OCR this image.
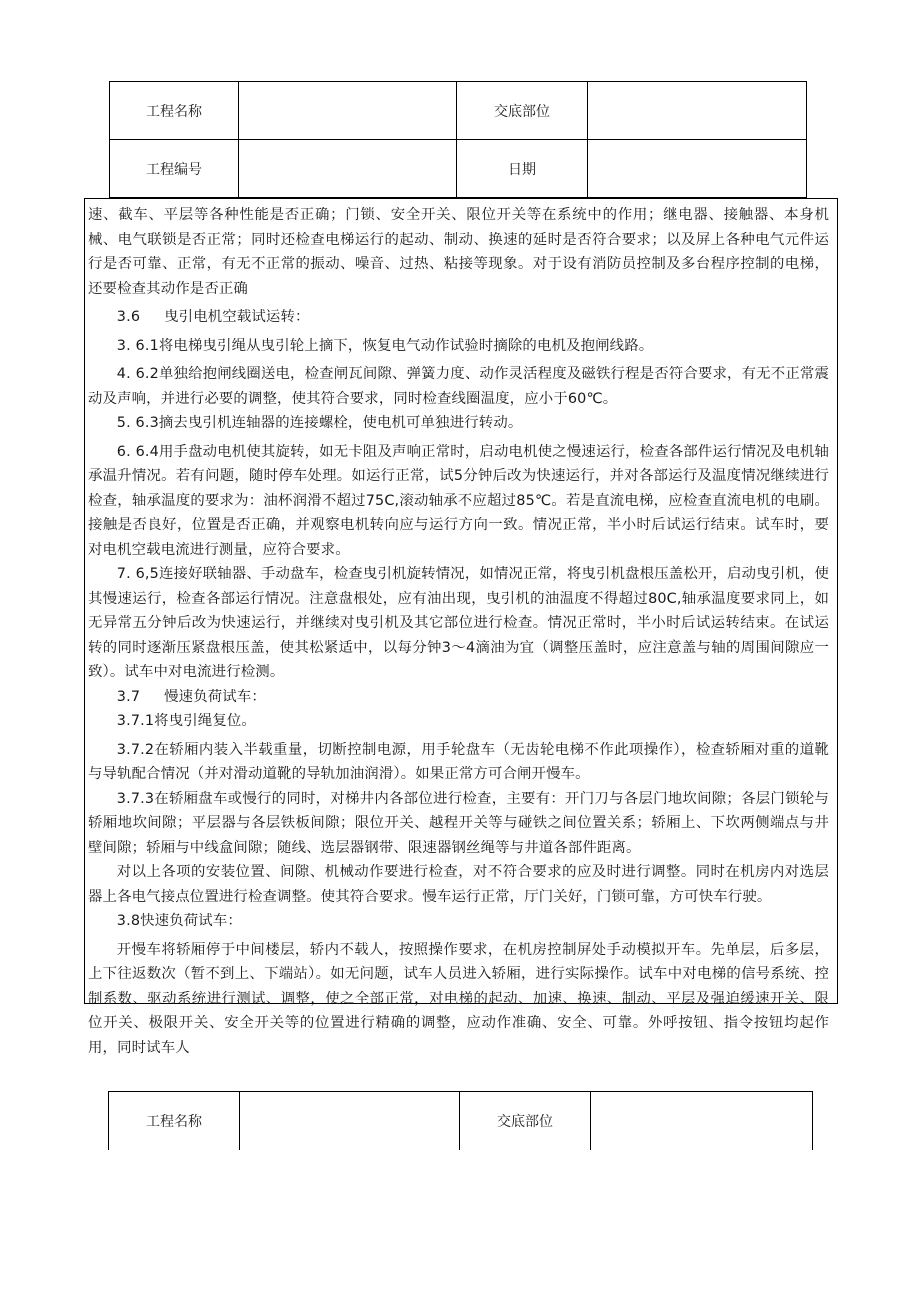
工程名称		交底部位	
工程编号		日期	

速、截车、平层等各种性能是否正确；门锁、安全开关、限位开关等在系统中的作用；继电器、接触器、本身机械、电气联锁是否正常；同时还检查电梯运行的起动、制动、换速的延时是否符合要求；以及屏上各种电气元件运行是否可靠、正常，有无不正常的振动、噪音、过热、粘接等现象。对于设有消防员控制及多台程序控制的电梯，还要检查其动作是否正确

3.6 曳引电机空载试运转：

3. 6.1将电梯曳引绳从曳引轮上摘下，恢复电气动作试验时摘除的电机及抱闸线路。

4. 6.2单独给抱闸线圈送电，检查闸瓦间隙、弹簧力度、动作灵活程度及磁铁行程是否符合要求，有无不正常震动及声响，并进行必要的调整，使其符合要求，同时检查线圈温度，应小于60℃。

5. 6.3摘去曳引机连轴器的连接螺栓，使电机可单独进行转动。

6. 6.4用手盘动电机使其旋转，如无卡阻及声响正常时，启动电机使之慢速运行，检查各部件运行情况及电机轴承温升情况。若有问题，随时停车处理。如运行正常，试5分钟后改为快速运行，并对各部运行及温度情况继续进行检查，轴承温度的要求为：油杯润滑不超过75C,滚动轴承不应超过85℃。若是直流电梯，应检查直流电机的电刷。接触是否良好，位置是否正确，并观察电机转向应与运行方向一致。情况正常，半小时后试运行结束。试车时，要对电机空载电流进行测量，应符合要求。

7. 6,5连接好联轴器、手动盘车，检查曳引机旋转情况，如情况正常，将曳引机盘根压盖松开，启动曳引机，使其慢速运行，检查各部运行情况。注意盘根处，应有油出现，曳引机的油温度不得超过80C,轴承温度要求同上，如无异常五分钟后改为快速运行，并继续对曳引机及其它部位进行检查。情况正常时，半小时后试运转结束。在试运转的同时逐渐压紧盘根压盖，使其松紧适中，以每分钟3～4滴油为宜（调整压盖时，应注意盖与轴的周围间隙应一致）。试车中对电流进行检测。

3.7 慢速负荷试车：

3.7.1将曳引绳复位。

3.7.2在轿厢内装入半载重量，切断控制电源，用手轮盘车（无齿轮电梯不作此项操作），检查轿厢对重的道靴与导轨配合情况（并对滑动道靴的导轨加油润滑）。如果正常方可合闸开慢车。

3.7.3在轿厢盘车或慢行的同时，对梯井内各部位进行检查，主要有：开门刀与各层门地坎间隙；各层门锁轮与轿厢地坎间隙；平层器与各层铁板间隙；限位开关、越程开关等与碰铁之间位置关系；轿厢上、下坎两侧端点与井壁间隙；轿厢与中线盒间隙；随线、选层器钢带、限速器钢丝绳等与井道各部件距离。

对以上各项的安装位置、间隙、机械动作要进行检查，对不符合要求的应及时进行调整。同时在机房内对选层器上各电气接点位置进行检查调整。使其符合要求。慢车运行正常，厅门关好，门锁可靠，方可快车行驶。

3.8快速负荷试车：

开慢车将轿厢停于中间楼层，轿内不载人，按照操作要求，在机房控制屏处手动模拟开车。先单层，后多层，上下往返数次（暂不到上、下端站）。如无问题，试车人员进入轿厢，进行实际操作。试车中对电梯的信号系统、控制系数、驱动系统进行测试、调整，使之全部正常，对电梯的起动、加速、换速、制动、平层及强迫缓速开关、限位开关、极限开关、安全开关等的位置进行精确的调整，应动作准确、安全、可靠。外呼按钮、指令按钮均起作用，同时试车人

工程名称		交底部位	
